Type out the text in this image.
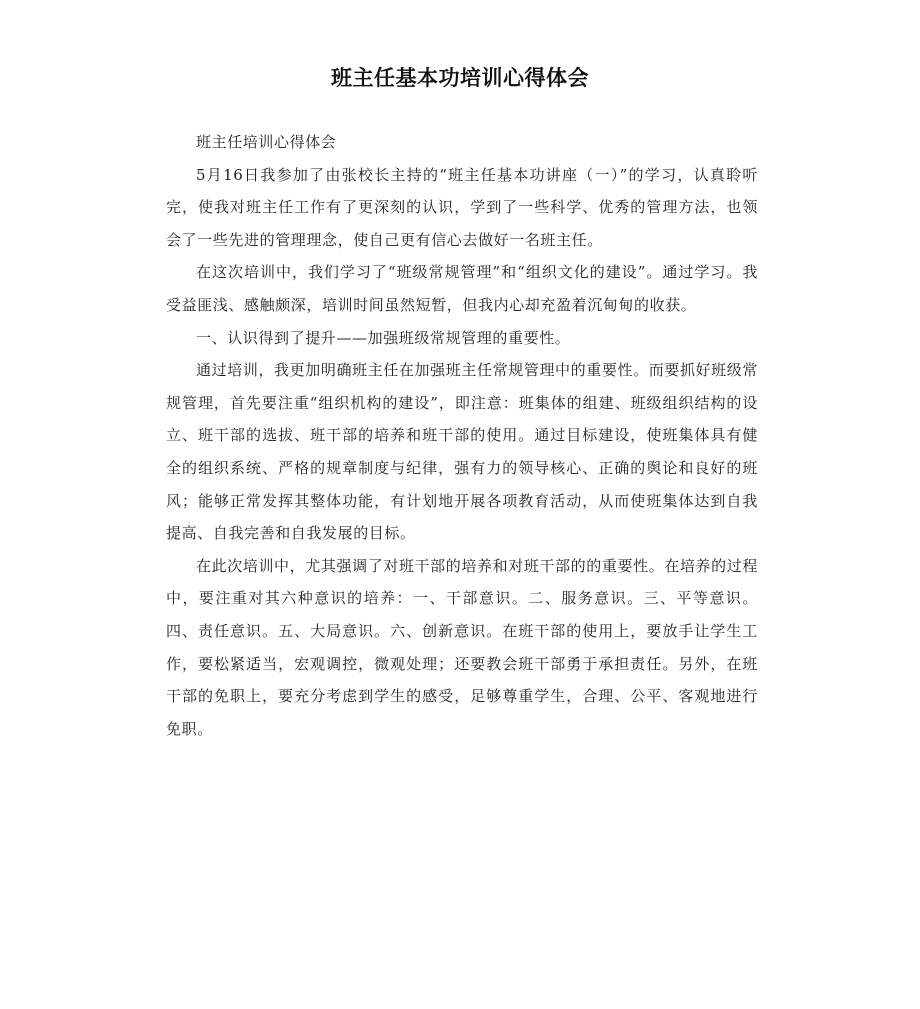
班主任基本功培训心得体会

班主任培训心得体会

5月16日我参加了由张校长主持的“班主任基本功讲座（一）”的学习，认真聆听完，使我对班主任工作有了更深刻的认识，学到了一些科学、优秀的管理方法，也领会了一些先进的管理理念，使自己更有信心去做好一名班主任。

在这次培训中，我们学习了“班级常规管理”和“组织文化的建设”。通过学习。我受益匪浅、感触颇深，培训时间虽然短暂，但我内心却充盈着沉甸甸的收获。

一、认识得到了提升——加强班级常规管理的重要性。

通过培训，我更加明确班主任在加强班主任常规管理中的重要性。而要抓好班级常规管理，首先要注重“组织机构的建设”，即注意：班集体的组建、班级组织结构的设立、班干部的选拔、班干部的培养和班干部的使用。通过目标建设，使班集体具有健全的组织系统、严格的规章制度与纪律，强有力的领导核心、正确的舆论和良好的班风；能够正常发挥其整体功能，有计划地开展各项教育活动，从而使班集体达到自我提高、自我完善和自我发展的目标。

在此次培训中，尤其强调了对班干部的培养和对班干部的的重要性。在培养的过程中，要注重对其六种意识的培养：一、干部意识。二、服务意识。三、平等意识。四、责任意识。五、大局意识。六、创新意识。在班干部的使用上，要放手让学生工作，要松紧适当，宏观调控，微观处理；还要教会班干部勇于承担责任。另外，在班干部的免职上，要充分考虑到学生的感受，足够尊重学生，合理、公平、客观地进行免职。
